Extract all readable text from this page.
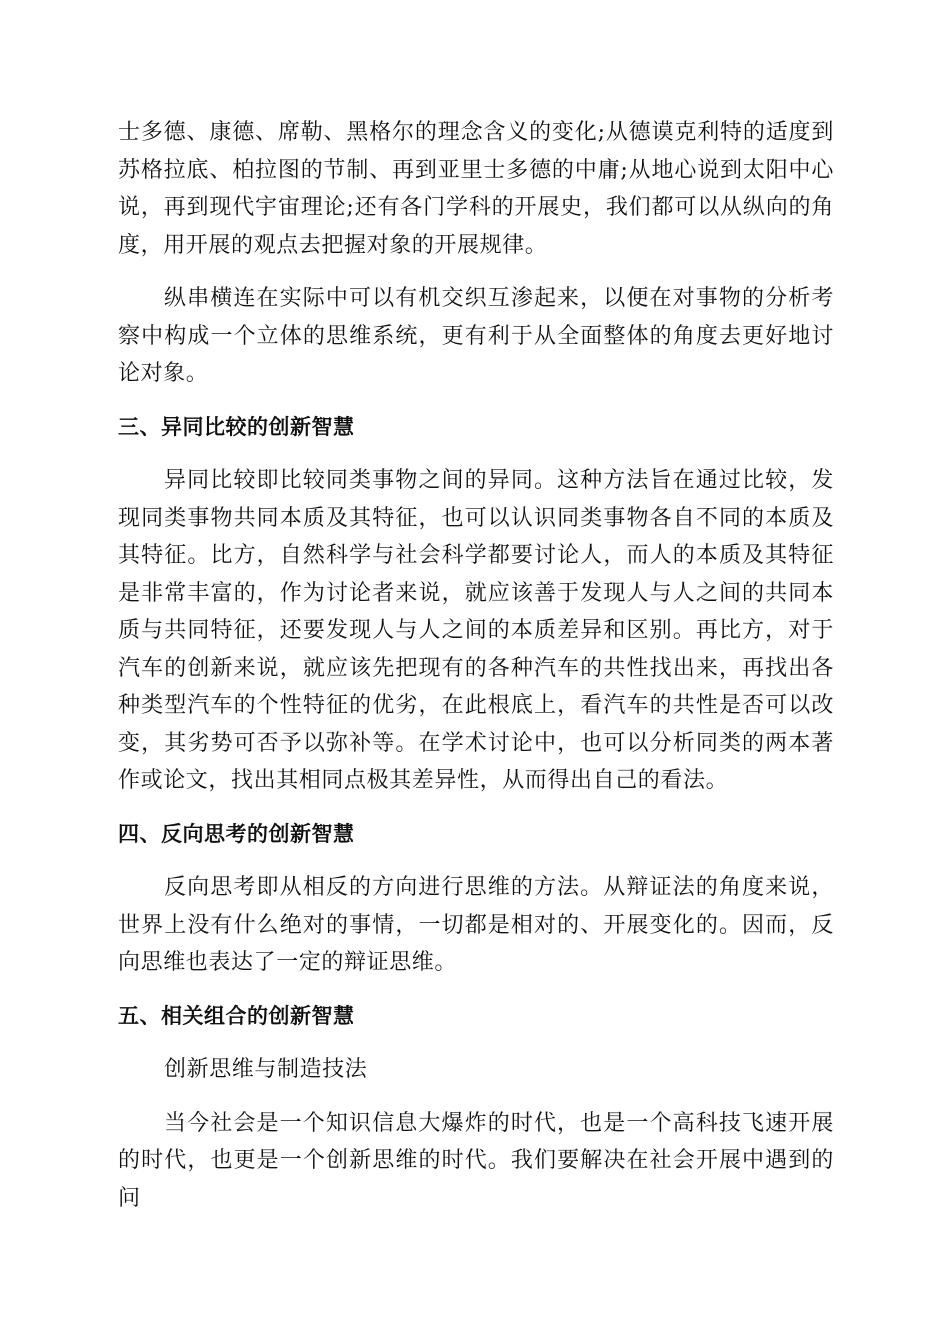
士多德、康德、席勒、黑格尔的理念含义的变化;从德谟克利特的适度到苏格拉底、柏拉图的节制、再到亚里士多德的中庸;从地心说到太阳中心说，再到现代宇宙理论;还有各门学科的开展史，我们都可以从纵向的角度，用开展的观点去把握对象的开展规律。

纵串横连在实际中可以有机交织互渗起来，以便在对事物的分析考察中构成一个立体的思维系统，更有利于从全面整体的角度去更好地讨论对象。

三、异同比较的创新智慧

异同比较即比较同类事物之间的异同。这种方法旨在通过比较，发现同类事物共同本质及其特征，也可以认识同类事物各自不同的本质及其特征。比方，自然科学与社会科学都要讨论人，而人的本质及其特征是非常丰富的，作为讨论者来说，就应该善于发现人与人之间的共同本质与共同特征，还要发现人与人之间的本质差异和区别。再比方，对于汽车的创新来说，就应该先把现有的各种汽车的共性找出来，再找出各种类型汽车的个性特征的优劣，在此根底上，看汽车的共性是否可以改变，其劣势可否予以弥补等。在学术讨论中，也可以分析同类的两本著作或论文，找出其相同点极其差异性，从而得出自己的看法。

四、反向思考的创新智慧

反向思考即从相反的方向进行思维的方法。从辩证法的角度来说，世界上没有什么绝对的事情，一切都是相对的、开展变化的。因而，反向思维也表达了一定的辩证思维。

五、相关组合的创新智慧

创新思维与制造技法

当今社会是一个知识信息大爆炸的时代，也是一个高科技飞速开展的时代，也更是一个创新思维的时代。我们要解决在社会开展中遇到的问
